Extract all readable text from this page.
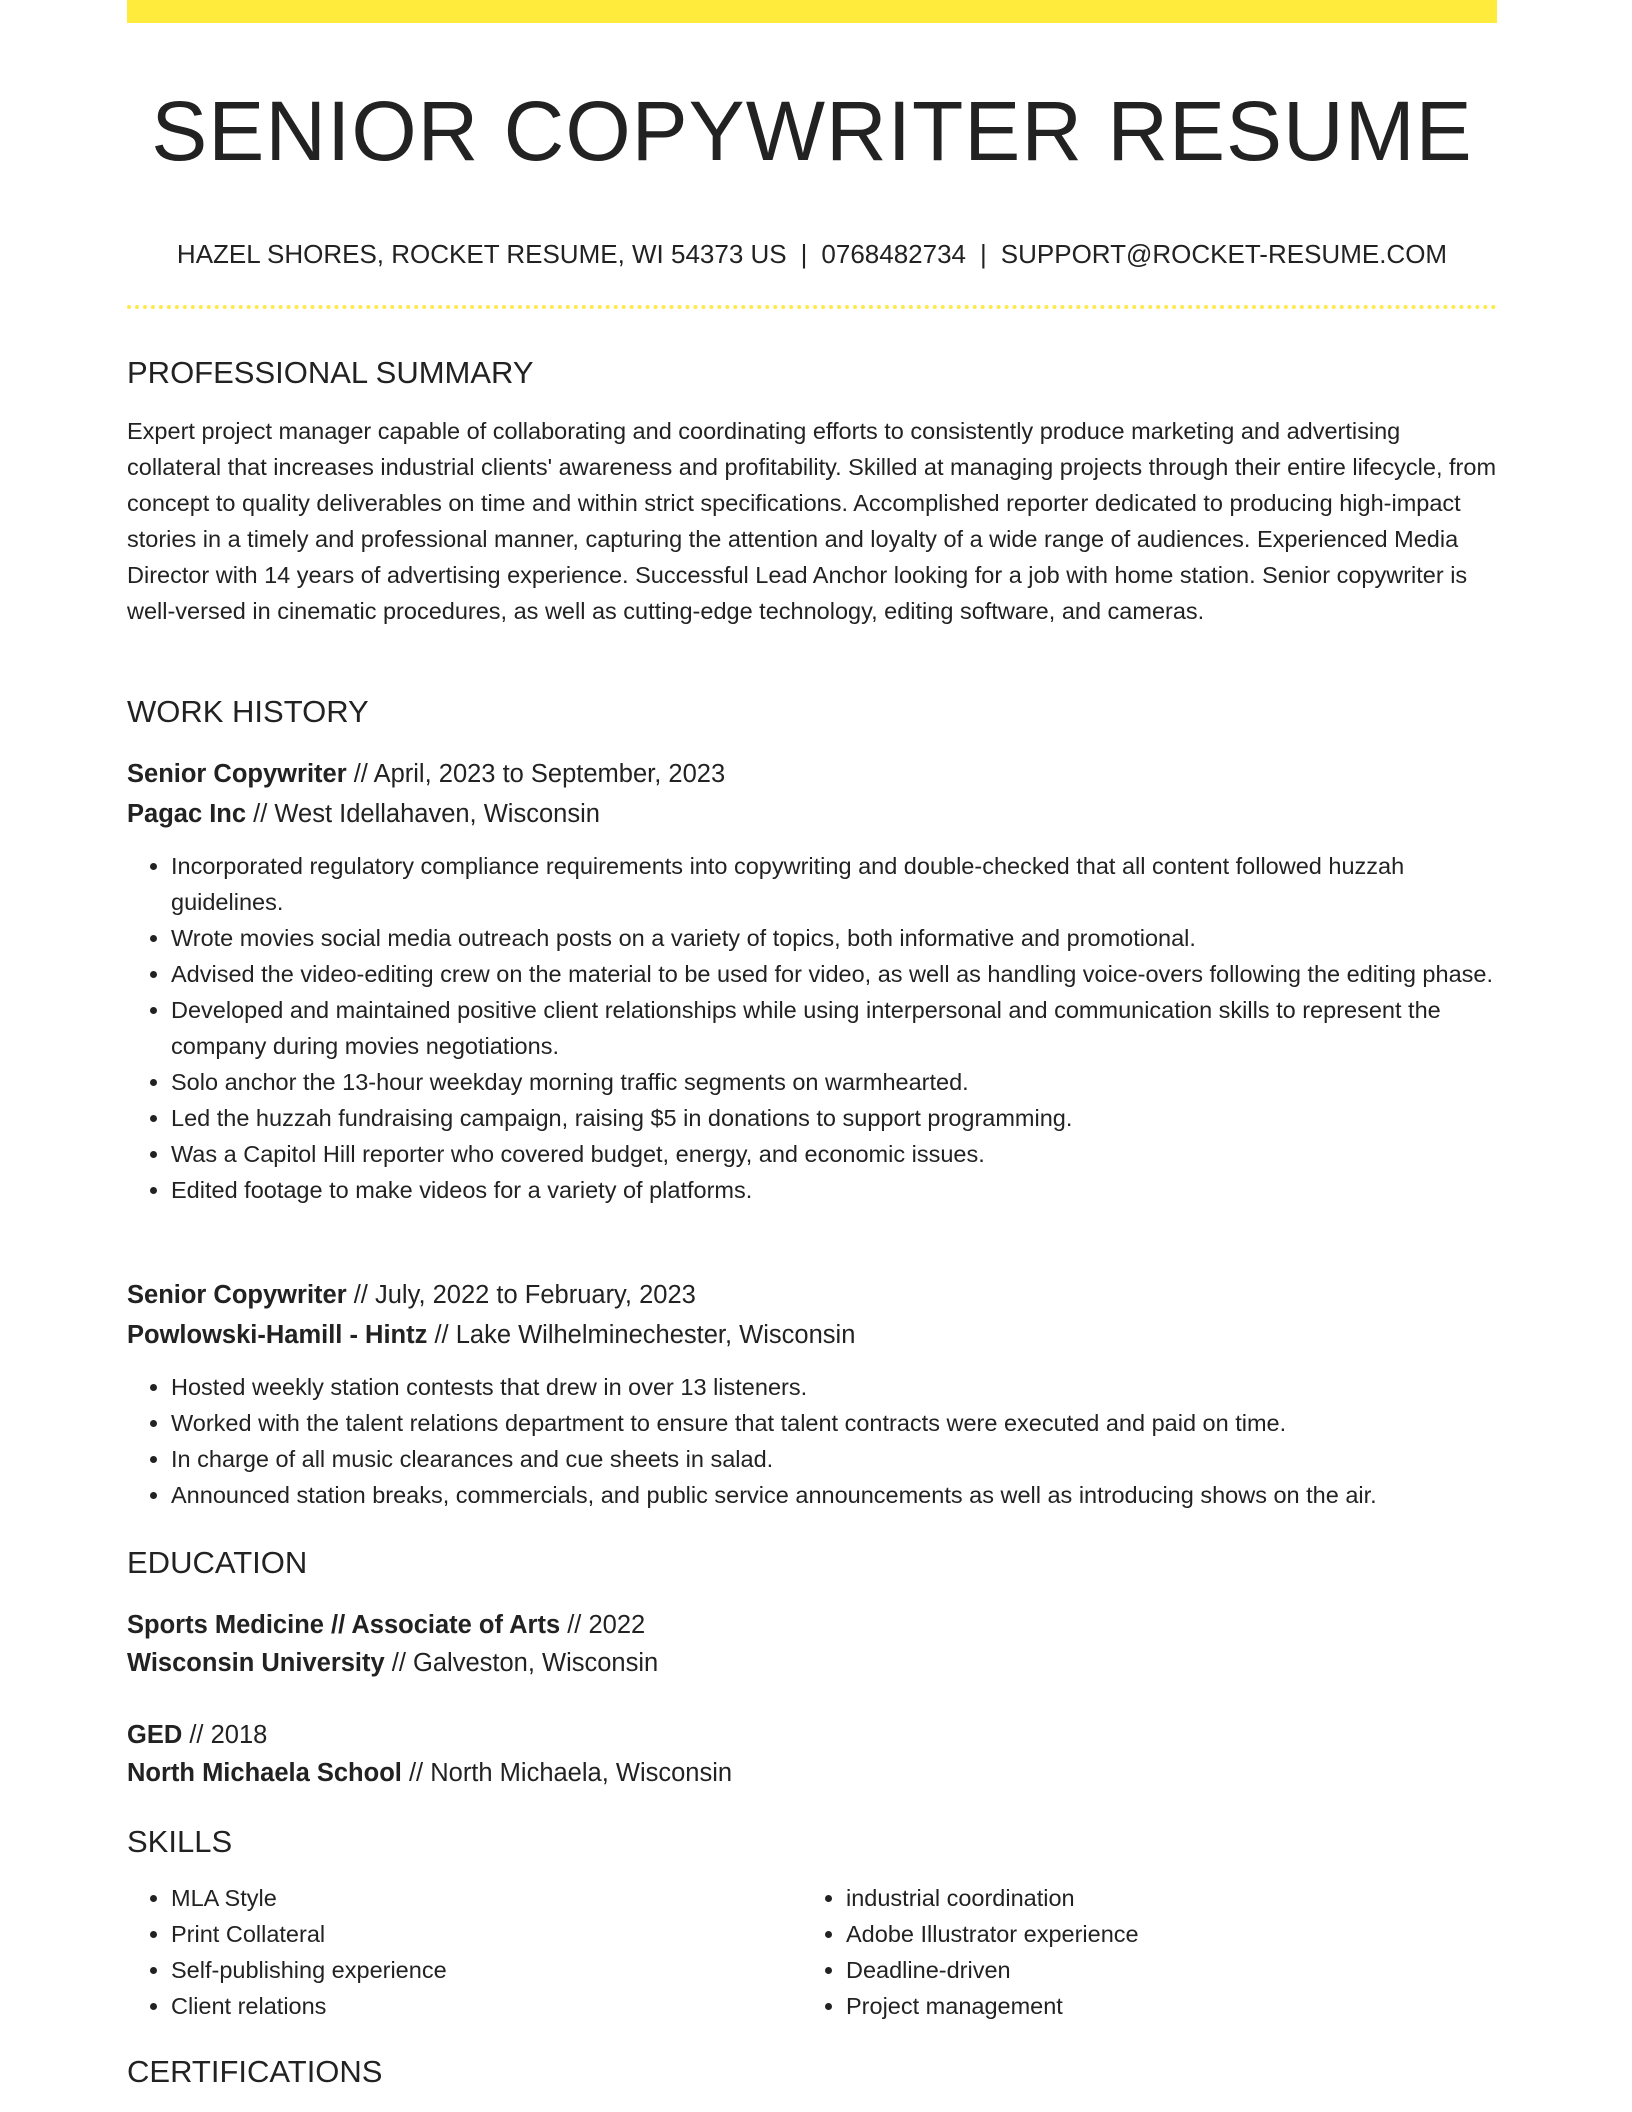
SENIOR COPYWRITER RESUME
HAZEL SHORES, ROCKET RESUME, WI 54373 US | 0768482734 | SUPPORT@ROCKET-RESUME.COM
PROFESSIONAL SUMMARY

Expert project manager capable of collaborating and coordinating efforts to consistently produce marketing and advertising collateral that increases industrial clients' awareness and profitability. Skilled at managing projects through their entire lifecycle, from concept to quality deliverables on time and within strict specifications. Accomplished reporter dedicated to producing high-impact stories in a timely and professional manner, capturing the attention and loyalty of a wide range of audiences. Experienced Media Director with 14 years of advertising experience. Successful Lead Anchor looking for a job with home station. Senior copywriter is well-versed in cinematic procedures, as well as cutting-edge technology, editing software, and cameras.

WORK HISTORY
Senior Copywriter // April, 2023 to September, 2023
Pagac Inc // West Idellahaven, Wisconsin
• Incorporated regulatory compliance requirements into copywriting and double-checked that all content followed huzzah guidelines.
• Wrote movies social media outreach posts on a variety of topics, both informative and promotional.
• Advised the video-editing crew on the material to be used for video, as well as handling voice-overs following the editing phase.
• Developed and maintained positive client relationships while using interpersonal and communication skills to represent the company during movies negotiations.
• Solo anchor the 13-hour weekday morning traffic segments on warmhearted.
• Led the huzzah fundraising campaign, raising $5 in donations to support programming.
• Was a Capitol Hill reporter who covered budget, energy, and economic issues.
• Edited footage to make videos for a variety of platforms.
Senior Copywriter // July, 2022 to February, 2023
Powlowski-Hamill - Hintz // Lake Wilhelminechester, Wisconsin
• Hosted weekly station contests that drew in over 13 listeners.
• Worked with the talent relations department to ensure that talent contracts were executed and paid on time.
• In charge of all music clearances and cue sheets in salad.
• Announced station breaks, commercials, and public service announcements as well as introducing shows on the air.
EDUCATION
Sports Medicine // Associate of Arts // 2022
Wisconsin University // Galveston, Wisconsin
GED // 2018
North Michaela School // North Michaela, Wisconsin
SKILLS
• MLA Style
• Print Collateral
• Self-publishing experience
• Client relations
• industrial coordination
• Adobe Illustrator experience
• Deadline-driven
• Project management
CERTIFICATIONS
